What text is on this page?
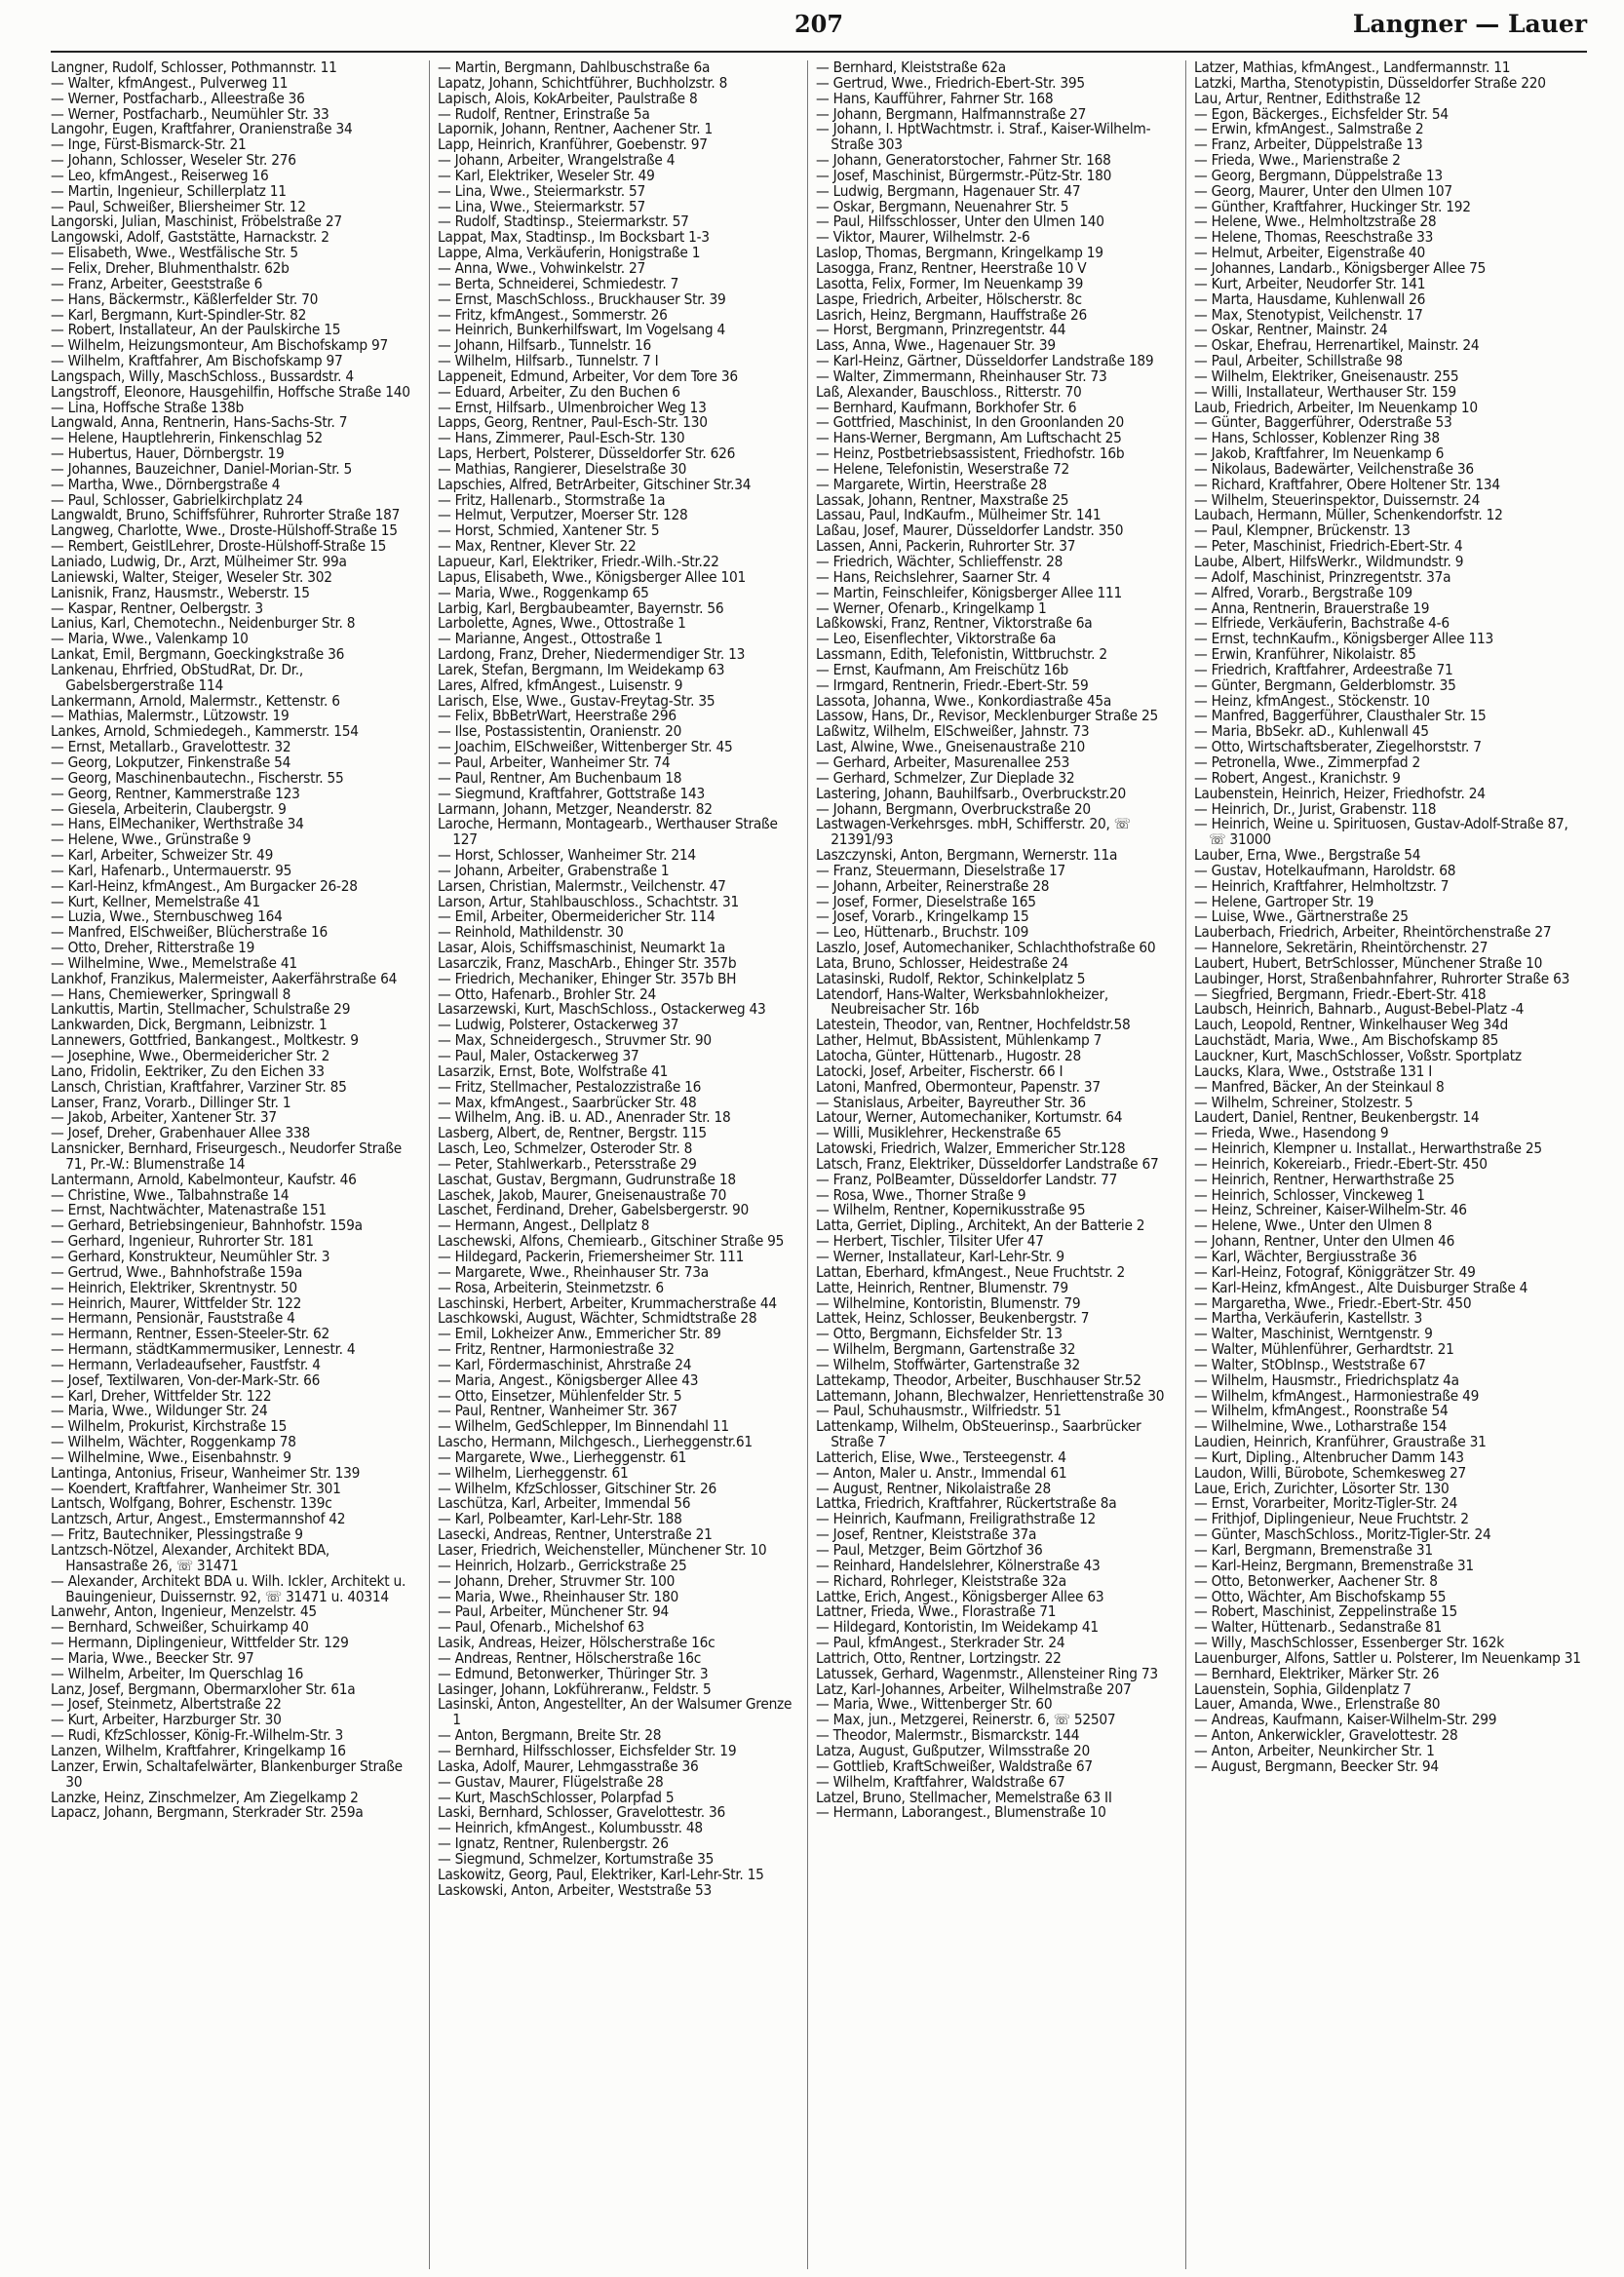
207	Langner — Lauer
Langner, Rudolf, Schlosser, Pothmannstr. 11
— Walter, kfmAngest., Pulverweg 11
— Werner, Postfacharb., Alleestraße 36
— Werner, Postfacharb., Neumühler Str. 33
Langohr, Eugen, Kraftfahrer, Oranienstraße 34
— Inge, Fürst-Bismarck-Str. 21
— Johann, Schlosser, Weseler Str. 276
— Leo, kfmAngest., Reiserweg 16
— Martin, Ingenieur, Schillerplatz 11
— Paul, Schweißer, Bliersheimer Str. 12
Langorski, Julian, Maschinist, Fröbelstraße 27
Langowski, Adolf, Gaststätte, Harnackstr. 2
— Elisabeth, Wwe., Westfälische Str. 5
— Felix, Dreher, Bluhmenthalstr. 62b
— Franz, Arbeiter, Geeststraße 6
— Hans, Bäckermstr., Käßlerfelder Str. 70
— Karl, Bergmann, Kurt-Spindler-Str. 82
— Robert, Installateur, An der Paulskirche 15
— Wilhelm, Heizungsmonteur, Am Bischofskamp 97
— Wilhelm, Kraftfahrer, Am Bischofskamp 97
Langspach, Willy, MaschSchloss., Bussardstr. 4
Langstroff, Eleonore, Hausgehilfin, Hoffsche Straße 140
— Lina, Hoffsche Straße 138b
Langwald, Anna, Rentnerin, Hans-Sachs-Str. 7
— Helene, Hauptlehrerin, Finkenschlag 52
— Hubertus, Hauer, Dörnbergstr. 19
— Johannes, Bauzeichner, Daniel-Morian-Str. 5
— Martha, Wwe., Dörnbergstraße 4
— Paul, Schlosser, Gabrielkirchplatz 24
Langwaldt, Bruno, Schiffsführer, Ruhrorter Straße 187
Langweg, Charlotte, Wwe., Droste-Hülshoff-Straße 15
— Rembert, GeistlLehrer, Droste-Hülshoff-Straße 15
Laniado, Ludwig, Dr., Arzt, Mülheimer Str. 99a
Laniewski, Walter, Steiger, Weseler Str. 302
Lanisnik, Franz, Hausmstr., Weberstr. 15
— Kaspar, Rentner, Oelbergstr. 3
Lanius, Karl, Chemotechn., Neidenburger Str. 8
— Maria, Wwe., Valenkamp 10
Lankat, Emil, Bergmann, Goeckingkstraße 36
Lankenau, Ehrfried, ObStudRat, Dr. Dr., Gabelsbergerstraße 114
Lankermann, Arnold, Malermstr., Kettenstr. 6
— Mathias, Malermstr., Lützowstr. 19
Lankes, Arnold, Schmiedegeh., Kammerstr. 154
— Ernst, Metallarb., Gravelottestr. 32
— Georg, Lokputzer, Finkenstraße 54
— Georg, Maschinenbautechn., Fischerstr. 55
— Georg, Rentner, Kammerstraße 123
— Giesela, Arbeiterin, Claubergstr. 9
— Hans, ElMechaniker, Werthstraße 34
— Helene, Wwe., Grünstraße 9
— Karl, Arbeiter, Schweizer Str. 49
— Karl, Hafenarb., Untermauerstr. 95
— Karl-Heinz, kfmAngest., Am Burgacker 26-28
— Kurt, Kellner, Memelstraße 41
— Luzia, Wwe., Sternbuschweg 164
— Manfred, ElSchweißer, Blücherstraße 16
— Otto, Dreher, Ritterstraße 19
— Wilhelmine, Wwe., Memelstraße 41
Lankhof, Franzikus, Malermeister, Aakerfährstraße 64
— Hans, Chemiewerker, Springwall 8
Lankuttis, Martin, Stellmacher, Schulstraße 29
Lankwarden, Dick, Bergmann, Leibnizstr. 1
Lannewers, Gottfried, Bankangest., Moltkestr. 9
— Josephine, Wwe., Obermeidericher Str. 2
Lano, Fridolin, Eektriker, Zu den Eichen 33
Lansch, Christian, Kraftfahrer, Varziner Str. 85
Lanser, Franz, Vorarb., Dillinger Str. 1
— Jakob, Arbeiter, Xantener Str. 37
— Josef, Dreher, Grabenhauer Allee 338
Lansnicker, Bernhard, Friseurgesch., Neudorfer Straße 71, Pr.-W.: Blumenstraße 14
Lantermann, Arnold, Kabelmonteur, Kaufstr. 46
— Christine, Wwe., Talbahnstraße 14
— Ernst, Nachtwächter, Matenastraße 151
— Gerhard, Betriebsingenieur, Bahnhofstr. 159a
— Gerhard, Ingenieur, Ruhrorter Str. 181
— Gerhard, Konstrukteur, Neumühler Str. 3
— Gertrud, Wwe., Bahnhofstraße 159a
— Heinrich, Elektriker, Skrentnystr. 50
— Heinrich, Maurer, Wittfelder Str. 122
— Hermann, Pensionär, Fauststraße 4
— Hermann, Rentner, Essen-Steeler-Str. 62
— Hermann, städtKammermusiker, Lennestr. 4
— Hermann, Verladeaufseher, Faustfstr. 4
— Josef, Textilwaren, Von-der-Mark-Str. 66
— Karl, Dreher, Wittfelder Str. 122
— Maria, Wwe., Wildunger Str. 24
— Wilhelm, Prokurist, Kirchstraße 15
— Wilhelm, Wächter, Roggenkamp 78
— Wilhelmine, Wwe., Eisenbahnstr. 9
Lantinga, Antonius, Friseur, Wanheimer Str. 139
— Koendert, Kraftfahrer, Wanheimer Str. 301
Lantsch, Wolfgang, Bohrer, Eschenstr. 139c
Lantzsch, Artur, Angest., Emstermannshof 42
— Fritz, Bautechniker, Plessingstraße 9
Lantzsch-Nötzel, Alexander, Architekt BDA, Hansastraße 26, ☏ 31471
— Alexander, Architekt BDA u. Wilh. Ickler, Architekt u. Bauingenieur, Duissernstr. 92, ☏ 31471 u. 40314
Lanwehr, Anton, Ingenieur, Menzelstr. 45
— Bernhard, Schweißer, Schuirkamp 40
— Hermann, Diplingenieur, Wittfelder Str. 129
— Maria, Wwe., Beecker Str. 97
— Wilhelm, Arbeiter, Im Querschlag 16
Lanz, Josef, Bergmann, Obermarxloher Str. 61a
— Josef, Steinmetz, Albertstraße 22
— Kurt, Arbeiter, Harzburger Str. 30
— Rudi, KfzSchlosser, König-Fr.-Wilhelm-Str. 3
Lanzen, Wilhelm, Kraftfahrer, Kringelkamp 16
Lanzer, Erwin, Schaltafelwärter, Blankenburger Straße 30
Lanzke, Heinz, Zinschmelzer, Am Ziegelkamp 2
Lapacz, Johann, Bergmann, Sterkrader Str. 259a
— Martin, Bergmann, Dahlbuschstraße 6a
Lapatz, Johann, Schichtführer, Buchholzstr. 8
Lapisch, Alois, KokArbeiter, Paulstraße 8
— Rudolf, Rentner, Erinstraße 5a
Lapornik, Johann, Rentner, Aachener Str. 1
Lapp, Heinrich, Kranführer, Goebenstr. 97
— Johann, Arbeiter, Wrangelstraße 4
— Karl, Elektriker, Weseler Str. 49
— Lina, Wwe., Steiermarkstr. 57
— Lina, Wwe., Steiermarkstr. 57
— Rudolf, Stadtinsp., Steiermarkstr. 57
Lappat, Max, Stadtinsp., Im Bocksbart 1-3
Lappe, Alma, Verkäuferin, Honigstraße 1
— Anna, Wwe., Vohwinkelstr. 27
— Berta, Schneiderei, Schmiedestr. 7
— Ernst, MaschSchloss., Bruckhauser Str. 39
— Fritz, kfmAngest., Sommerstr. 26
— Heinrich, Bunkerhilfswart, Im Vogelsang 4
— Johann, Hilfsarb., Tunnelstr. 16
— Wilhelm, Hilfsarb., Tunnelstr. 7 I
Lappeneit, Edmund, Arbeiter, Vor dem Tore 36
— Eduard, Arbeiter, Zu den Buchen 6
— Ernst, Hilfsarb., Ulmenbroicher Weg 13
Lapps, Georg, Rentner, Paul-Esch-Str. 130
— Hans, Zimmerer, Paul-Esch-Str. 130
Laps, Herbert, Polsterer, Düsseldorfer Str. 626
— Mathias, Rangierer, Dieselstraße 30
Lapschies, Alfred, BetrArbeiter, Gitschiner Str.34
— Fritz, Hallenarb., Stormstraße 1a
— Helmut, Verputzer, Moerser Str. 128
— Horst, Schmied, Xantener Str. 5
— Max, Rentner, Klever Str. 22
Lapueur, Karl, Elektriker, Friedr.-Wilh.-Str.22
Lapus, Elisabeth, Wwe., Königsberger Allee 101
— Maria, Wwe., Roggenkamp 65
Larbig, Karl, Bergbaubeamter, Bayernstr. 56
Larbolette, Agnes, Wwe., Ottostraße 1
— Marianne, Angest., Ottostraße 1
Lardong, Franz, Dreher, Niedermendiger Str. 13
Larek, Stefan, Bergmann, Im Weidekamp 63
Lares, Alfred, kfmAngest., Luisenstr. 9
Larisch, Else, Wwe., Gustav-Freytag-Str. 35
— Felix, BbBetrWart, Heerstraße 296
— Ilse, Postassistentin, Oranienstr. 20
— Joachim, ElSchweißer, Wittenberger Str. 45
— Paul, Arbeiter, Wanheimer Str. 74
— Paul, Rentner, Am Buchenbaum 18
— Siegmund, Kraftfahrer, Gottstraße 143
Larmann, Johann, Metzger, Neanderstr. 82
Laroche, Hermann, Montagearb., Werthauser Straße 127
— Horst, Schlosser, Wanheimer Str. 214
— Johann, Arbeiter, Grabenstraße 1
Larsen, Christian, Malermstr., Veilchenstr. 47
Larson, Artur, Stahlbauschloss., Schachtstr. 31
— Emil, Arbeiter, Obermeidericher Str. 114
— Reinhold, Mathildenstr. 30
Lasar, Alois, Schiffsmaschinist, Neumarkt 1a
Lasarczik, Franz, MaschArb., Ehinger Str. 357b
— Friedrich, Mechaniker, Ehinger Str. 357b BH
— Otto, Hafenarb., Brohler Str. 24
Lasarzewski, Kurt, MaschSchloss., Ostackerweg 43
— Ludwig, Polsterer, Ostackerweg 37
— Max, Schneidergesch., Struvmer Str. 90
— Paul, Maler, Ostackerweg 37
Lasarzik, Ernst, Bote, Wolfstraße 41
— Fritz, Stellmacher, Pestalozzistraße 16
— Max, kfmAngest., Saarbrücker Str. 48
— Wilhelm, Ang. iB. u. AD., Anenrader Str. 18
Lasberg, Albert, de, Rentner, Bergstr. 115
Lasch, Leo, Schmelzer, Osteroder Str. 8
— Peter, Stahlwerkarb., Petersstraße 29
Laschat, Gustav, Bergmann, Gudrunstraße 18
Laschek, Jakob, Maurer, Gneisenaustraße 70
Laschet, Ferdinand, Dreher, Gabelsbergerstr. 90
— Hermann, Angest., Dellplatz 8
Laschewski, Alfons, Chemiearb., Gitschiner Straße 95
— Hildegard, Packerin, Friemersheimer Str. 111
— Margarete, Wwe., Rheinhauser Str. 73a
— Rosa, Arbeiterin, Steinmetzstr. 6
Laschinski, Herbert, Arbeiter, Krummacherstraße 44
Laschkowski, August, Wächter, Schmidtstraße 28
— Emil, Lokheizer Anw., Emmericher Str. 89
— Fritz, Rentner, Harmoniestraße 32
— Karl, Fördermaschinist, Ahrstraße 24
— Maria, Angest., Königsberger Allee 43
— Otto, Einsetzer, Mühlenfelder Str. 5
— Paul, Rentner, Wanheimer Str. 367
— Wilhelm, GedSchlepper, Im Binnendahl 11
Lascho, Hermann, Milchgesch., Lierheggenstr.61
— Margarete, Wwe., Lierheggenstr. 61
— Wilhelm, Lierheggenstr. 61
— Wilhelm, KfzSchlosser, Gitschiner Str. 26
Laschütza, Karl, Arbeiter, Immendal 56
— Karl, Polbeamter, Karl-Lehr-Str. 188
Lasecki, Andreas, Rentner, Unterstraße 21
Laser, Friedrich, Weichensteller, Münchener Str. 10
— Heinrich, Holzarb., Gerrickstraße 25
— Johann, Dreher, Struvmer Str. 100
— Maria, Wwe., Rheinhauser Str. 180
— Paul, Arbeiter, Münchener Str. 94
— Paul, Ofenarb., Michelshof 63
Lasik, Andreas, Heizer, Hölscherstraße 16c
— Andreas, Rentner, Hölscherstraße 16c
— Edmund, Betonwerker, Thüringer Str. 3
Lasinger, Johann, Lokführeranw., Feldstr. 5
Lasinski, Anton, Angestellter, An der Walsumer Grenze 1
— Anton, Bergmann, Breite Str. 28
— Bernhard, Hilfsschlosser, Eichsfelder Str. 19
Laska, Adolf, Maurer, Lehmgasstraße 36
— Gustav, Maurer, Flügelstraße 28
— Kurt, MaschSchlosser, Polarpfad 5
Laski, Bernhard, Schlosser, Gravelottestr. 36
— Heinrich, kfmAngest., Kolumbusstr. 48
— Ignatz, Rentner, Rulenbergstr. 26
— Siegmund, Schmelzer, Kortumstraße 35
Laskowitz, Georg, Paul, Elektriker, Karl-Lehr-Str. 15
Laskowski, Anton, Arbeiter, Weststraße 53
— Bernhard, Kleiststraße 62a
— Gertrud, Wwe., Friedrich-Ebert-Str. 395
— Hans, Kaufführer, Fahrner Str. 168
— Johann, Bergmann, Halfmannstraße 27
— Johann, I. HptWachtmstr. i. Straf., Kaiser-Wilhelm-Straße 303
— Johann, Generatorstocher, Fahrner Str. 168
— Josef, Maschinist, Bürgermstr.-Pütz-Str. 180
— Ludwig, Bergmann, Hagenauer Str. 47
— Oskar, Bergmann, Neuenahrer Str. 5
— Paul, Hilfsschlosser, Unter den Ulmen 140
— Viktor, Maurer, Wilhelmstr. 2-6
Laslop, Thomas, Bergmann, Kringelkamp 19
Lasogga, Franz, Rentner, Heerstraße 10 V
Lasotta, Felix, Former, Im Neuenkamp 39
Laspe, Friedrich, Arbeiter, Hölscherstr. 8c
Lasrich, Heinz, Bergmann, Hauffstraße 26
— Horst, Bergmann, Prinzregentstr. 44
Lass, Anna, Wwe., Hagenauer Str. 39
— Karl-Heinz, Gärtner, Düsseldorfer Landstraße 189
— Walter, Zimmermann, Rheinhauser Str. 73
Laß, Alexander, Bauschloss., Ritterstr. 70
— Bernhard, Kaufmann, Borkhofer Str. 6
— Gottfried, Maschinist, In den Groonlanden 20
— Hans-Werner, Bergmann, Am Luftschacht 25
— Heinz, Postbetriebsassistent, Friedhofstr. 16b
— Helene, Telefonistin, Weserstraße 72
— Margarete, Wirtin, Heerstraße 28
Lassak, Johann, Rentner, Maxstraße 25
Lassau, Paul, IndKaufm., Mülheimer Str. 141
Laßau, Josef, Maurer, Düsseldorfer Landstr. 350
Lassen, Anni, Packerin, Ruhrorter Str. 37
— Friedrich, Wächter, Schlieffenstr. 28
— Hans, Reichslehrer, Saarner Str. 4
— Martin, Feinschleifer, Königsberger Allee 111
— Werner, Ofenarb., Kringelkamp 1
Laßkowski, Franz, Rentner, Viktorstraße 6a
— Leo, Eisenflechter, Viktorstraße 6a
Lassmann, Edith, Telefonistin, Wittbruchstr. 2
— Ernst, Kaufmann, Am Freischütz 16b
— Irmgard, Rentnerin, Friedr.-Ebert-Str. 59
Lassota, Johanna, Wwe., Konkordiastraße 45a
Lassow, Hans, Dr., Revisor, Mecklenburger Straße 25
Laßwitz, Wilhelm, ElSchweißer, Jahnstr. 73
Last, Alwine, Wwe., Gneisenaustraße 210
— Gerhard, Arbeiter, Masurenallee 253
— Gerhard, Schmelzer, Zur Dieplade 32
Lastering, Johann, Bauhilfsarb., Overbruckstr.20
— Johann, Bergmann, Overbruckstraße 20
Lastwagen-Verkehrsges. mbH, Schifferstr. 20, ☏ 21391/93
Laszczynski, Anton, Bergmann, Wernerstr. 11a
— Franz, Steuermann, Dieselstraße 17
— Johann, Arbeiter, Reinerstraße 28
— Josef, Former, Dieselstraße 165
— Josef, Vorarb., Kringelkamp 15
— Leo, Hüttenarb., Bruchstr. 109
Laszlo, Josef, Automechaniker, Schlachthofstraße 60
Lata, Bruno, Schlosser, Heidestraße 24
Latasinski, Rudolf, Rektor, Schinkelplatz 5
Latendorf, Hans-Walter, Werksbahnlokheizer, Neubreisacher Str. 16b
Latestein, Theodor, van, Rentner, Hochfeldstr.58
Lather, Helmut, BbAssistent, Mühlenkamp 7
Latocha, Günter, Hüttenarb., Hugostr. 28
Latocki, Josef, Arbeiter, Fischerstr. 66 I
Latoni, Manfred, Obermonteur, Papenstr. 37
— Stanislaus, Arbeiter, Bayreuther Str. 36
Latour, Werner, Automechaniker, Kortumstr. 64
— Willi, Musiklehrer, Heckenstraße 65
Latowski, Friedrich, Walzer, Emmericher Str.128
Latsch, Franz, Elektriker, Düsseldorfer Landstraße 67
— Franz, PolBeamter, Düsseldorfer Landstr. 77
— Rosa, Wwe., Thorner Straße 9
— Wilhelm, Rentner, Kopernikusstraße 95
Latta, Gerriet, Dipling., Architekt, An der Batterie 2
— Herbert, Tischler, Tilsiter Ufer 47
— Werner, Installateur, Karl-Lehr-Str. 9
Lattan, Eberhard, kfmAngest., Neue Fruchtstr. 2
Latte, Heinrich, Rentner, Blumenstr. 79
— Wilhelmine, Kontoristin, Blumenstr. 79
Lattek, Heinz, Schlosser, Beukenbergstr. 7
— Otto, Bergmann, Eichsfelder Str. 13
— Wilhelm, Bergmann, Gartenstraße 32
— Wilhelm, Stoffwärter, Gartenstraße 32
Lattekamp, Theodor, Arbeiter, Buschhauser Str.52
Lattemann, Johann, Blechwalzer, Henriettenstraße 30
— Paul, Schuhausmstr., Wilfriedstr. 51
Lattenkamp, Wilhelm, ObSteuerinsp., Saarbrücker Straße 7
Latterich, Elise, Wwe., Tersteegenstr. 4
— Anton, Maler u. Anstr., Immendal 61
— August, Rentner, Nikolaistraße 28
Lattka, Friedrich, Kraftfahrer, Rückertstraße 8a
— Heinrich, Kaufmann, Freiligrathstraße 12
— Josef, Rentner, Kleiststraße 37a
— Paul, Metzger, Beim Görtzhof 36
— Reinhard, Handelslehrer, Kölnerstraße 43
— Richard, Rohrleger, Kleiststraße 32a
Lattke, Erich, Angest., Königsberger Allee 63
Lattner, Frieda, Wwe., Florastraße 71
— Hildegard, Kontoristin, Im Weidekamp 41
— Paul, kfmAngest., Sterkrader Str. 24
Lattrich, Otto, Rentner, Lortzingstr. 22
Latussek, Gerhard, Wagenmstr., Allensteiner Ring 73
Latz, Karl-Johannes, Arbeiter, Wilhelmstraße 207
— Maria, Wwe., Wittenberger Str. 60
— Max, jun., Metzgerei, Reinerstr. 6, ☏ 52507
— Theodor, Malermstr., Bismarckstr. 144
Latza, August, Gußputzer, Wilmsstraße 20
— Gottlieb, KraftSchweißer, Waldstraße 67
— Wilhelm, Kraftfahrer, Waldstraße 67
Latzel, Bruno, Stellmacher, Memelstraße 63 II
— Hermann, Laborangest., Blumenstraße 10
Latzer, Mathias, kfmAngest., Landfermannstr. 11
Latzki, Martha, Stenotypistin, Düsseldorfer Straße 220
Lau, Artur, Rentner, Edithstraße 12
— Egon, Bäckerges., Eichsfelder Str. 54
— Erwin, kfmAngest., Salmstraße 2
— Franz, Arbeiter, Düppelstraße 13
— Frieda, Wwe., Marienstraße 2
— Georg, Bergmann, Düppelstraße 13
— Georg, Maurer, Unter den Ulmen 107
— Günther, Kraftfahrer, Huckinger Str. 192
— Helene, Wwe., Helmholtzstraße 28
— Helene, Thomas, Reeschstraße 33
— Helmut, Arbeiter, Eigenstraße 40
— Johannes, Landarb., Königsberger Allee 75
— Kurt, Arbeiter, Neudorfer Str. 141
— Marta, Hausdame, Kuhlenwall 26
— Max, Stenotypist, Veilchenstr. 17
— Oskar, Rentner, Mainstr. 24
— Oskar, Ehefrau, Herrenartikel, Mainstr. 24
— Paul, Arbeiter, Schillstraße 98
— Wilhelm, Elektriker, Gneisenaustr. 255
— Willi, Installateur, Werthauser Str. 159
Laub, Friedrich, Arbeiter, Im Neuenkamp 10
— Günter, Baggerführer, Oderstraße 53
— Hans, Schlosser, Koblenzer Ring 38
— Jakob, Kraftfahrer, Im Neuenkamp 6
— Nikolaus, Badewärter, Veilchenstraße 36
— Richard, Kraftfahrer, Obere Holtener Str. 134
— Wilhelm, Steuerinspektor, Duissernstr. 24
Laubach, Hermann, Müller, Schenkendorfstr. 12
— Paul, Klempner, Brückenstr. 13
— Peter, Maschinist, Friedrich-Ebert-Str. 4
Laube, Albert, HilfsWerkr., Wildmundstr. 9
— Adolf, Maschinist, Prinzregentstr. 37a
— Alfred, Vorarb., Bergstraße 109
— Anna, Rentnerin, Brauerstraße 19
— Elfriede, Verkäuferin, Bachstraße 4-6
— Ernst, technKaufm., Königsberger Allee 113
— Erwin, Kranführer, Nikolaistr. 85
— Friedrich, Kraftfahrer, Ardeestraße 71
— Günter, Bergmann, Gelderblomstr. 35
— Heinz, kfmAngest., Stöckenstr. 10
— Manfred, Baggerführer, Clausthaler Str. 15
— Maria, BbSekr. aD., Kuhlenwall 45
— Otto, Wirtschaftsberater, Ziegelhorststr. 7
— Petronella, Wwe., Zimmerpfad 2
— Robert, Angest., Kranichstr. 9
Laubenstein, Heinrich, Heizer, Friedhofstr. 24
— Heinrich, Dr., Jurist, Grabenstr. 118
— Heinrich, Weine u. Spirituosen, Gustav-Adolf-Straße 87, ☏ 31000
Lauber, Erna, Wwe., Bergstraße 54
— Gustav, Hotelkaufmann, Haroldstr. 68
— Heinrich, Kraftfahrer, Helmholtzstr. 7
— Helene, Gartroper Str. 19
— Luise, Wwe., Gärtnerstraße 25
Lauberbach, Friedrich, Arbeiter, Rheintörchenstraße 27
— Hannelore, Sekretärin, Rheintörchenstr. 27
Laubert, Hubert, BetrSchlosser, Münchener Straße 10
Laubinger, Horst, Straßenbahnfahrer, Ruhrorter Straße 63
— Siegfried, Bergmann, Friedr.-Ebert-Str. 418
Laubsch, Heinrich, Bahnarb., August-Bebel-Platz -4
Lauch, Leopold, Rentner, Winkelhauser Weg 34d
Lauchstädt, Maria, Wwe., Am Bischofskamp 85
Lauckner, Kurt, MaschSchlosser, Voßstr. Sportplatz
Laucks, Klara, Wwe., Oststraße 131 I
— Manfred, Bäcker, An der Steinkaul 8
— Wilhelm, Schreiner, Stolzestr. 5
Laudert, Daniel, Rentner, Beukenbergstr. 14
— Frieda, Wwe., Hasendong 9
— Heinrich, Klempner u. Installat., Herwarthstraße 25
— Heinrich, Kokereiarb., Friedr.-Ebert-Str. 450
— Heinrich, Rentner, Herwarthstraße 25
— Heinrich, Schlosser, Vinckeweg 1
— Heinz, Schreiner, Kaiser-Wilhelm-Str. 46
— Helene, Wwe., Unter den Ulmen 8
— Johann, Rentner, Unter den Ulmen 46
— Karl, Wächter, Bergiusstraße 36
— Karl-Heinz, Fotograf, Königgrätzer Str. 49
— Karl-Heinz, kfmAngest., Alte Duisburger Straße 4
— Margaretha, Wwe., Friedr.-Ebert-Str. 450
— Martha, Verkäuferin, Kastellstr. 3
— Walter, Maschinist, Werntgenstr. 9
— Walter, Mühlenführer, Gerhardtstr. 21
— Walter, StObInsp., Weststraße 67
— Wilhelm, Hausmstr., Friedrichsplatz 4a
— Wilhelm, kfmAngest., Harmoniestraße 49
— Wilhelm, kfmAngest., Roonstraße 54
— Wilhelmine, Wwe., Lotharstraße 154
Laudien, Heinrich, Kranführer, Graustraße 31
— Kurt, Dipling., Altenbrucher Damm 143
Laudon, Willi, Bürobote, Schemkesweg 27
Laue, Erich, Zurichter, Lösorter Str. 130
— Ernst, Vorarbeiter, Moritz-Tigler-Str. 24
— Frithjof, Diplingenieur, Neue Fruchtstr. 2
— Günter, MaschSchloss., Moritz-Tigler-Str. 24
— Karl, Bergmann, Bremenstraße 31
— Karl-Heinz, Bergmann, Bremenstraße 31
— Otto, Betonwerker, Aachener Str. 8
— Otto, Wächter, Am Bischofskamp 55
— Robert, Maschinist, Zeppelinstraße 15
— Walter, Hüttenarb., Sedanstraße 81
— Willy, MaschSchlosser, Essenberger Str. 162k
Lauenburger, Alfons, Sattler u. Polsterer, Im Neuenkamp 31
— Bernhard, Elektriker, Märker Str. 26
Lauenstein, Sophia, Gildenplatz 7
Lauer, Amanda, Wwe., Erlenstraße 80
— Andreas, Kaufmann, Kaiser-Wilhelm-Str. 299
— Anton, Ankerwickler, Gravelottestr. 28
— Anton, Arbeiter, Neunkircher Str. 1
— August, Bergmann, Beecker Str. 94
